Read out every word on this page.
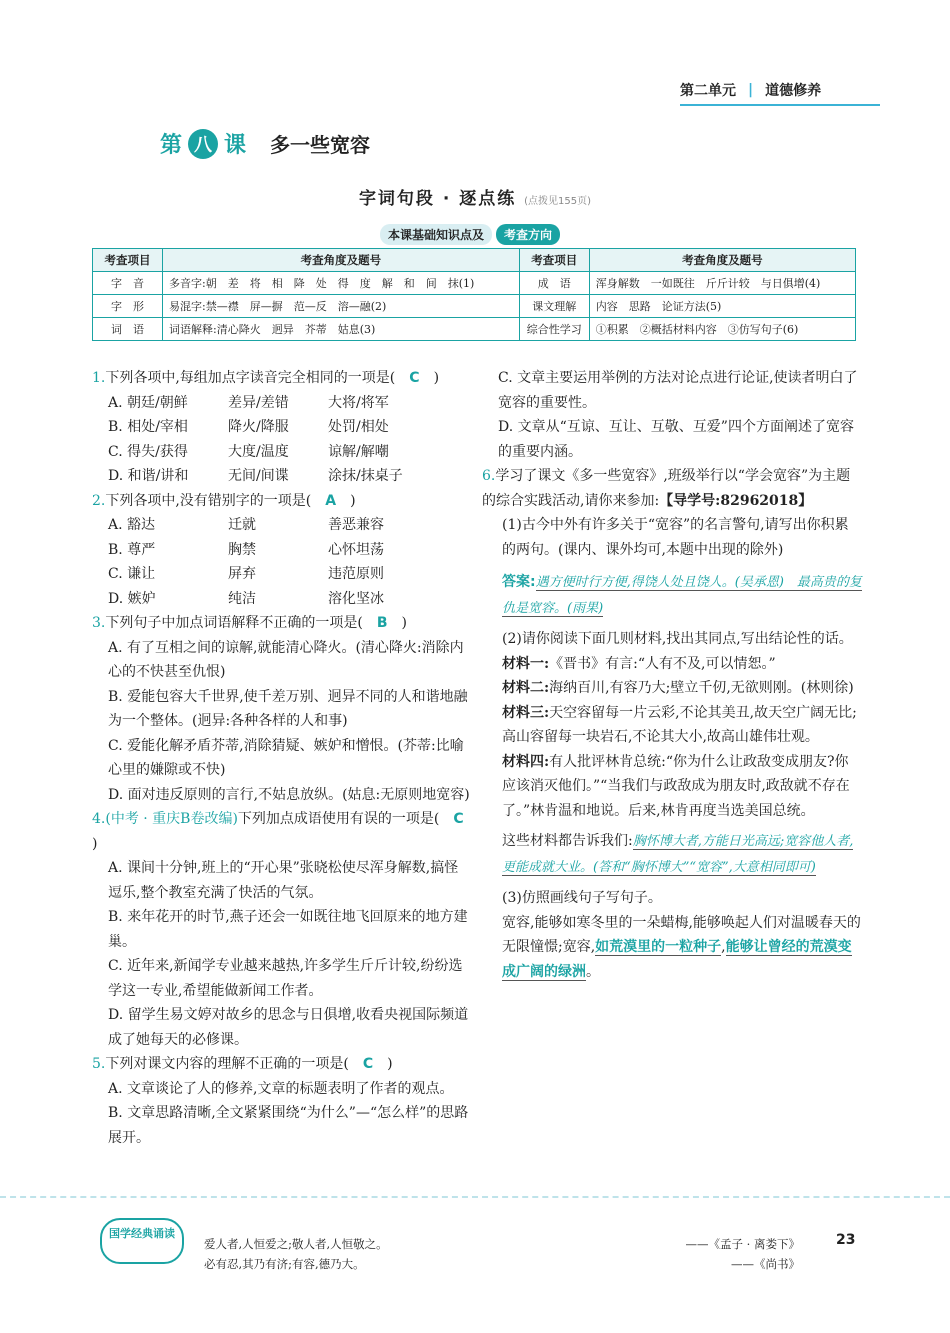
第二单元 | 道德修养
第 八 课 多一些宽容
字词句段 · 逐点练 (点拨见155页)
本课基础知识点及	考查方向
考查项目	考查角度及题号	考查项目	考查角度及题号
字　音	多音字:朝　差　将　相　降　处　得　度　解　和　间　抹(1)	成　语	浑身解数　一如既往　斤斤计较　与日俱增(4)
字　形	易混字:禁—襟　屏—摒　范—反　溶—融(2)	课文理解	内容　思路　论证方法(5)
词　语	词语解释:清心降火　迥异　芥蒂　姑息(3)	综合性学习	①积累　②概括材料内容　③仿写句子(6)
1.下列各项中,每组加点字读音完全相同的一项是(　 C　 )
A. 朝廷/朝鲜	差异/差错	大将/将军
B. 相处/宰相	降火/降服	处罚/相处
C. 得失/获得	大度/温度	谅解/解嘲
D. 和谐/讲和	无间/间谍	涂抹/抹桌子
2.下列各项中,没有错别字的一项是(　 A　 )
A. 豁达	迁就	善恶兼容
B. 尊严	胸禁	心怀坦荡
C. 谦让	屏弃	违范原则
D. 嫉妒	纯洁	溶化坚冰
3.下列句子中加点词语解释不正确的一项是(　 B　 )
A. 有了互相之间的谅解,就能清心降火。(清心降火:消除内心的不快甚至仇恨)
B. 爱能包容大千世界,使千差万别、迥异不同的人和谐地融为一个整体。(迥异:各种各样的人和事)
C. 爱能化解矛盾芥蒂,消除猜疑、嫉妒和憎恨。(芥蒂:比喻心里的嫌隙或不快)
D. 面对违反原则的言行,不姑息放纵。(姑息:无原则地宽容)
4.(中考 · 重庆B卷改编)下列加点成语使用有误的一项是(　 C　)
A. 课间十分钟,班上的“开心果”张晓松使尽浑身解数,搞怪逗乐,整个教室充满了快活的气氛。
B. 来年花开的时节,燕子还会一如既往地飞回原来的地方建巢。
C. 近年来,新闻学专业越来越热,许多学生斤斤计较,纷纷选学这一专业,希望能做新闻工作者。
D. 留学生易文婷对故乡的思念与日俱增,收看央视国际频道成了她每天的必修课。
5.下列对课文内容的理解不正确的一项是(　 C　 )
A. 文章谈论了人的修养,文章的标题表明了作者的观点。
B. 文章思路清晰,全文紧紧围绕“为什么”—“怎么样”的思路展开。
C. 文章主要运用举例的方法对论点进行论证,使读者明白了宽容的重要性。
D. 文章从“互谅、互让、互敬、互爱”四个方面阐述了宽容的重要内涵。
6.学习了课文《多一些宽容》,班级举行以“学会宽容”为主题的综合实践活动,请你来参加:【导学号:82962018】
(1)古今中外有许多关于“宽容”的名言警句,请写出你积累的两句。(课内、课外均可,本题中出现的除外)
答案:遇方便时行方便,得饶人处且饶人。(吴承恩)　最高贵的复仇是宽容。(雨果)
(2)请你阅读下面几则材料,找出其同点,写出结论性的话。
材料一:《晋书》有言:“人有不及,可以情恕。”
材料二:海纳百川,有容乃大;壁立千仞,无欲则刚。(林则徐)
材料三:天空容留每一片云彩,不论其美丑,故天空广阔无比;高山容留每一块岩石,不论其大小,故高山雄伟壮观。
材料四:有人批评林肯总统:“你为什么让政敌变成朋友?你应该消灭他们。”“当我们与政敌成为朋友时,政敌就不存在了。”林肯温和地说。后来,林肯再度当选美国总统。
这些材料都告诉我们:胸怀博大者,方能日光高远;宽容他人者,更能成就大业。(答和“胸怀博大”“宽容”,大意相同即可)
(3)仿照画线句子写句子。
宽容,能够如寒冬里的一朵蜡梅,能够唤起人们对温暖春天的无限憧憬;宽容,如荒漠里的一粒种子,能够让曾经的荒漠变成广阔的绿洲。
国学经典诵读
爱人者,人恒爱之;敬人者,人恒敬之。
必有忍,其乃有济;有容,德乃大。
——《孟子 · 离娄下》
——《尚书》
23
